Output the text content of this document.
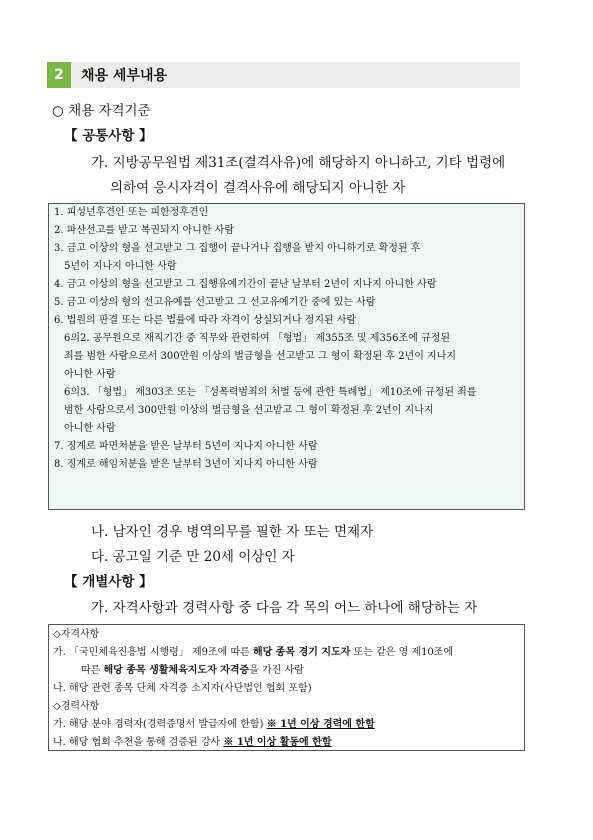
2	채용 세부내용
○ 채용 자격기준
【 공통사항 】
가. 지방공무원법 제31조(결격사유)에 해당하지 아니하고, 기타 법령에
의하여 응시자격이 결격사유에 해당되지 아니한 자
1. 피성년후견인 또는 피한정후견인
2. 파산선고를 받고 복권되지 아니한 사람
3. 금고 이상의 형을 선고받고 그 집행이 끝나거나 집행을 받지 아니하기로 확정된 후
5년이 지나지 아니한 사람
4. 금고 이상의 형을 선고받고 그 집행유예기간이 끝난 날부터 2년이 지나지 아니한 사람
5. 금고 이상의 형의 선고유예를 선고받고 그 선고유예기간 중에 있는 사람
6. 법원의 판결 또는 다른 법률에 따라 자격이 상실되거나 정지된 사람
6의2. 공무원으로 재직기간 중 직무와 관련하여 「형법」 제355조 및 제356조에 규정된
죄를 범한 사람으로서 300만원 이상의 벌금형을 선고받고 그 형이 확정된 후 2년이 지나지
아니한 사람
6의3. 「형법」 제303조 또는 「성폭력범죄의 처벌 등에 관한 특례법」 제10조에 규정된 죄를
범한 사람으로서 300만원 이상의 벌금형을 선고받고 그 형이 확정된 후 2년이 지나지
아니한 사람
7. 징계로 파면처분을 받은 날부터 5년이 지나지 아니한 사람
8. 징계로 해임처분을 받은 날부터 3년이 지나지 아니한 사람
나. 남자인 경우 병역의무를 필한 자 또는 면제자
다. 공고일 기준 만 20세 이상인 자
【 개별사항 】
가. 자격사항과 경력사항 중 다음 각 목의 어느 하나에 해당하는 자
◇자격사항
가. 「국민체육진흥법 시행령」 제9조에 따른 해당 종목 경기 지도자 또는 같은 영 제10조에
따른 해당 종목 생활체육지도자 자격증을 가진 사람
나. 해당 관련 종목 단체 자격증 소지자(사단법인 협회 포함)
◇경력사항
가. 해당 분야 경력자(경력증명서 발급자에 한함) ※ 1년 이상 경력에 한함
나. 해당 협회 추천을 통해 검증된 강사 ※ 1년 이상 활동에 한함
